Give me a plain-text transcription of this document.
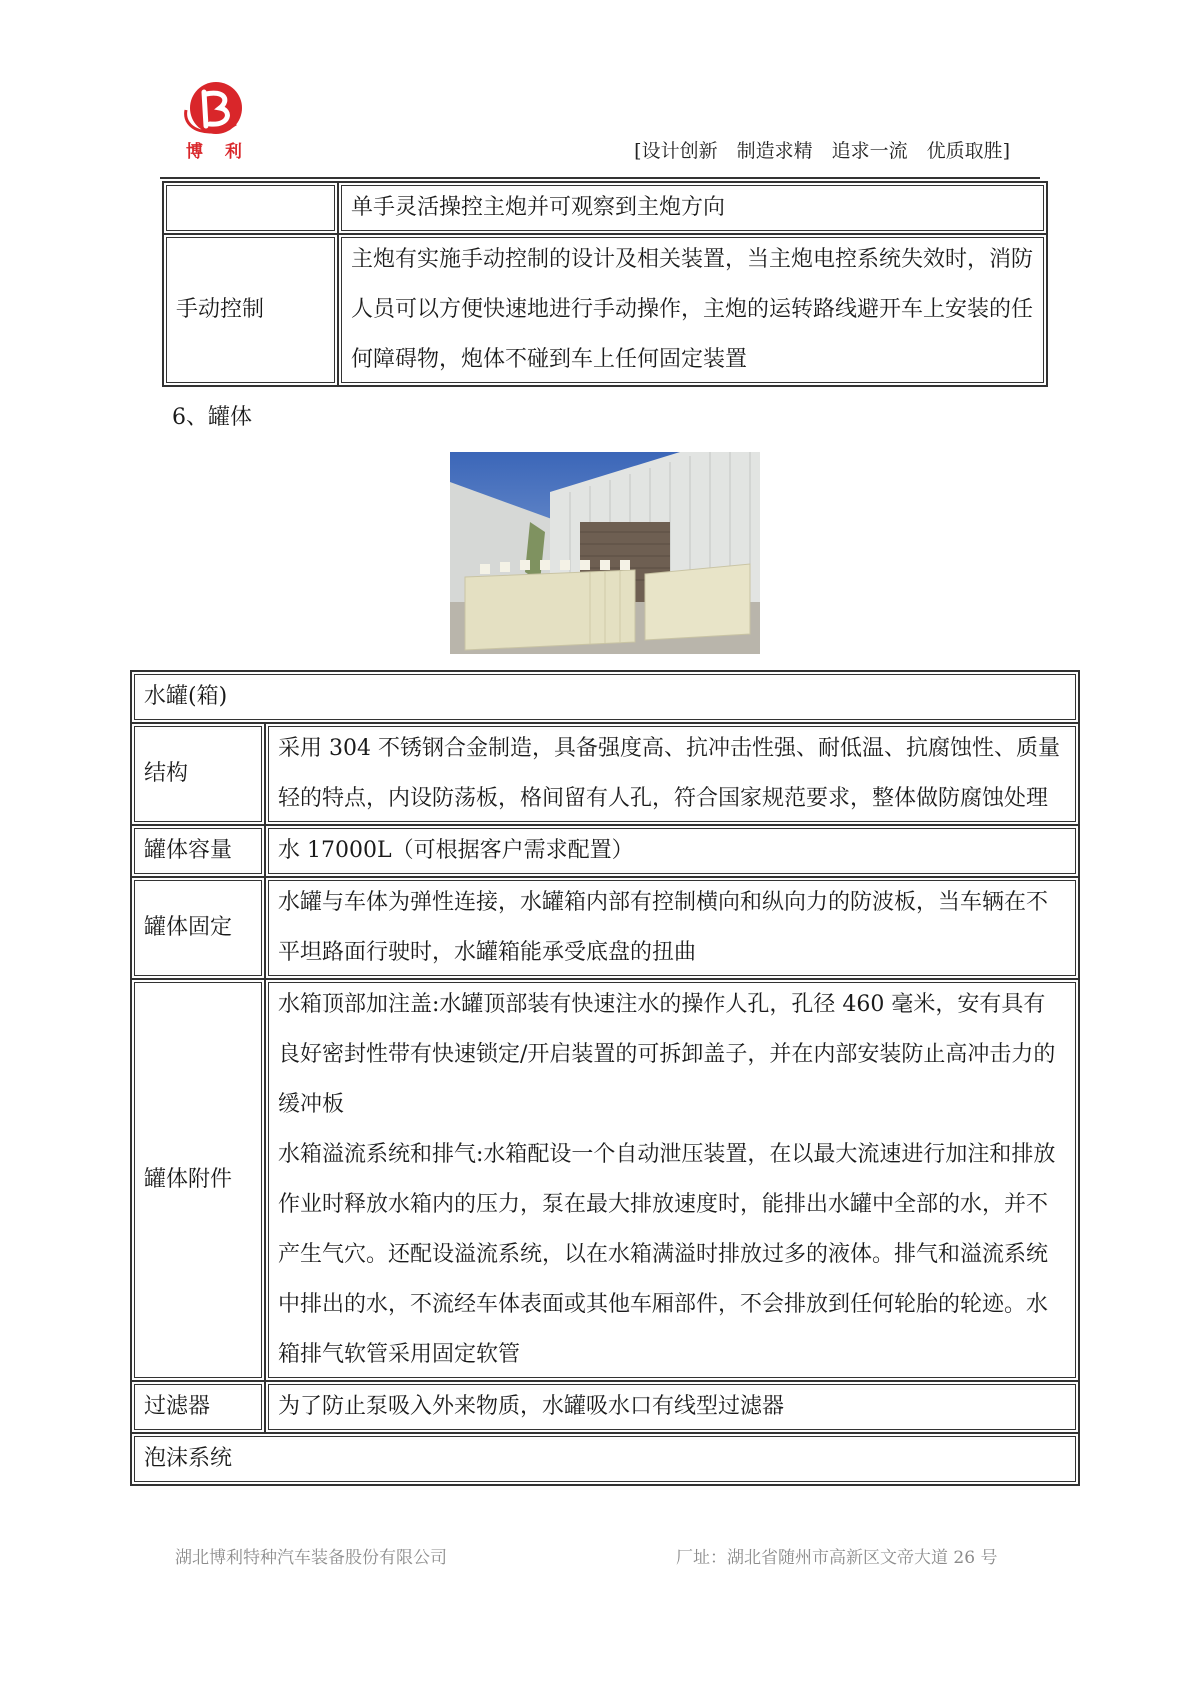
博 利	[设计创新　制造求精　追求一流　优质取胜]
	单手灵活操控主炮并可观察到主炮方向
手动控制	主炮有实施手动控制的设计及相关装置，当主炮电控系统失效时，消防人员可以方便快速地进行手动操作，主炮的运转路线避开车上安装的任何障碍物，炮体不碰到车上任何固定装置
6、罐体
水罐(箱)	
结构	采用 304 不锈钢合金制造，具备强度高、抗冲击性强、耐低温、抗腐蚀性、质量轻的特点，内设防荡板，格间留有人孔，符合国家规范要求，整体做防腐蚀处理
罐体容量	水 17000L（可根据客户需求配置）
罐体固定	水罐与车体为弹性连接，水罐箱内部有控制横向和纵向力的防波板，当车辆在不平坦路面行驶时，水罐箱能承受底盘的扭曲
罐体附件	水箱顶部加注盖:水罐顶部装有快速注水的操作人孔，孔径 460 毫米，安有具有良好密封性带有快速锁定/开启装置的可拆卸盖子，并在内部安装防止高冲击力的缓冲板
水箱溢流系统和排气:水箱配设一个自动泄压装置，在以最大流速进行加注和排放作业时释放水箱内的压力，泵在最大排放速度时，能排出水罐中全部的水，并不产生气穴。还配设溢流系统，以在水箱满溢时排放过多的液体。排气和溢流系统中排出的水，不流经车体表面或其他车厢部件，不会排放到任何轮胎的轮迹。水箱排气软管采用固定软管

过滤器	为了防止泵吸入外来物质，水罐吸水口有线型过滤器
泡沫系统	
湖北博利特种汽车装备股份有限公司	厂址：湖北省随州市高新区文帝大道 26 号
